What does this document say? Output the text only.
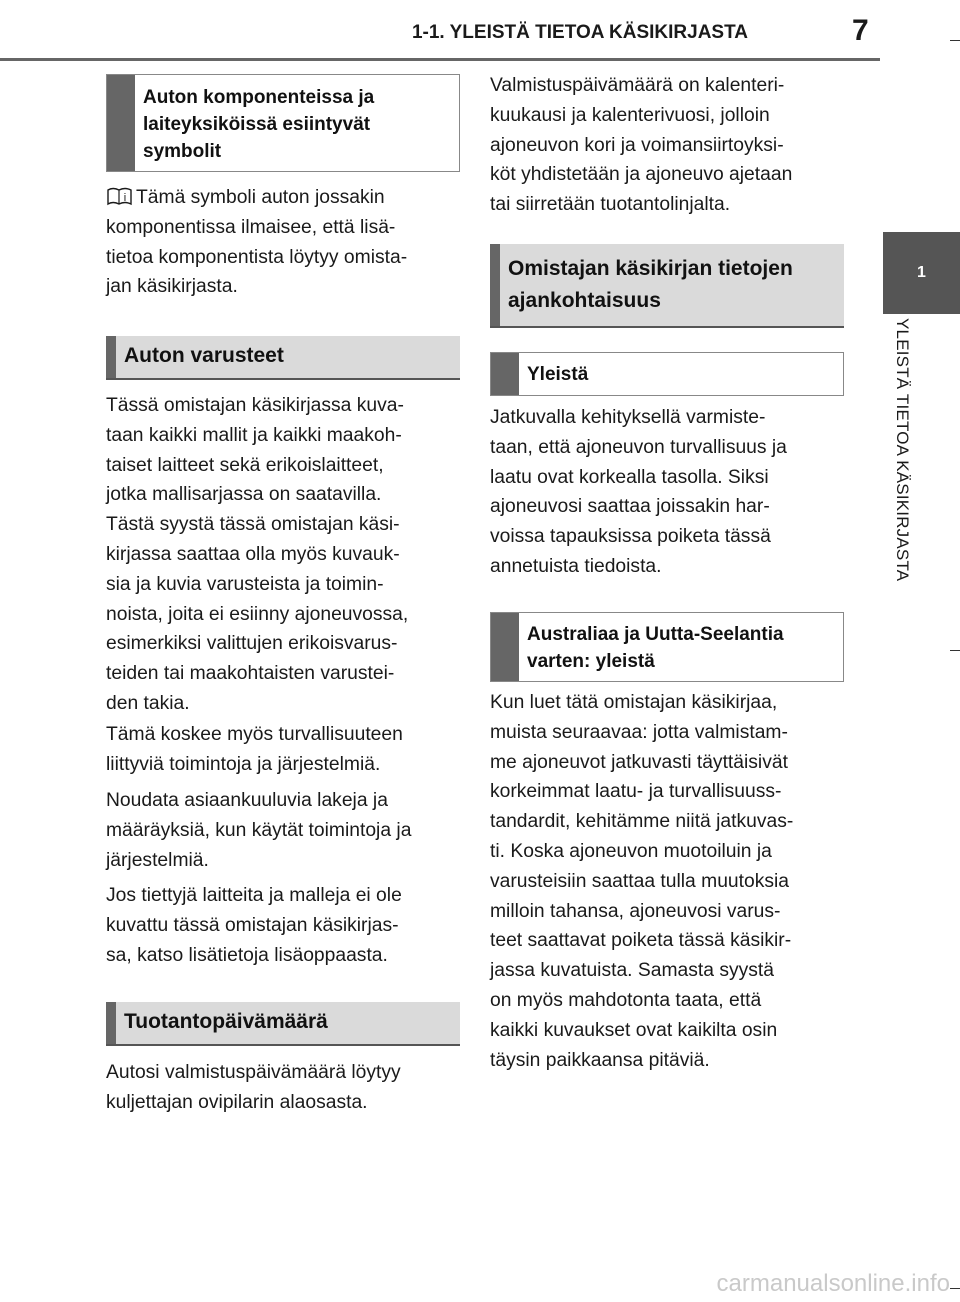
1-1. YLEISTÄ TIETOA KÄSIKIRJASTA	7
1
YLEISTÄ TIETOA KÄSIKIRJASTA
Auton komponenteissa ja
laiteyksiköissä esiintyvät
symbolit
i Tämä symboli auton jossakin
komponentissa ilmaisee, että lisä-
tietoa komponentista löytyy omista-
jan käsikirjasta.
Auton varusteet

Tässä omistajan käsikirjassa kuva-
taan kaikki mallit ja kaikki maakoh-
taiset laitteet sekä erikoislaitteet,
jotka mallisarjassa on saatavilla.
Tästä syystä tässä omistajan käsi-
kirjassa saattaa olla myös kuvauk-
sia ja kuvia varusteista ja toimin-
noista, joita ei esiinny ajoneuvossa,
esimerkiksi valittujen erikoisvarus-
teiden tai maakohtaisten varustei-
den takia.

Tämä koskee myös turvallisuuteen
liittyviä toimintoja ja järjestelmiä.

Noudata asiaankuuluvia lakeja ja
määräyksiä, kun käytät toimintoja ja
järjestelmiä.

Jos tiettyjä laitteita ja malleja ei ole
kuvattu tässä omistajan käsikirjas-
sa, katso lisätietoja lisäoppaasta.

Tuotantopäivämäärä

Autosi valmistuspäivämäärä löytyy
kuljettajan ovipilarin alaosasta.

Valmistuspäivämäärä on kalenteri-
kuukausi ja kalenterivuosi, jolloin
ajoneuvon kori ja voimansiirtoyksi-
köt yhdistetään ja ajoneuvo ajetaan
tai siirretään tuotantolinjalta.

Omistajan käsikirjan tietojen
ajankohtaisuus
Yleistä

Jatkuvalla kehityksellä varmiste-
taan, että ajoneuvon turvallisuus ja
laatu ovat korkealla tasolla. Siksi
ajoneuvosi saattaa joissakin har-
voissa tapauksissa poiketa tässä
annetuista tiedoista.

Australiaa ja Uutta-Seelantia
varten: yleistä

Kun luet tätä omistajan käsikirjaa,
muista seuraavaa: jotta valmistam-
me ajoneuvot jatkuvasti täyttäisivät
korkeimmat laatu- ja turvallisuuss-
tandardit, kehitämme niitä jatkuvas-
ti. Koska ajoneuvon muotoiluin ja
varusteisiin saattaa tulla muutoksia
milloin tahansa, ajoneuvosi varus-
teet saattavat poiketa tässä käsikir-
jassa kuvatuista. Samasta syystä
on myös mahdotonta taata, että
kaikki kuvaukset ovat kaikilta osin
täysin paikkaansa pitäviä.

carmanualsonline.info
